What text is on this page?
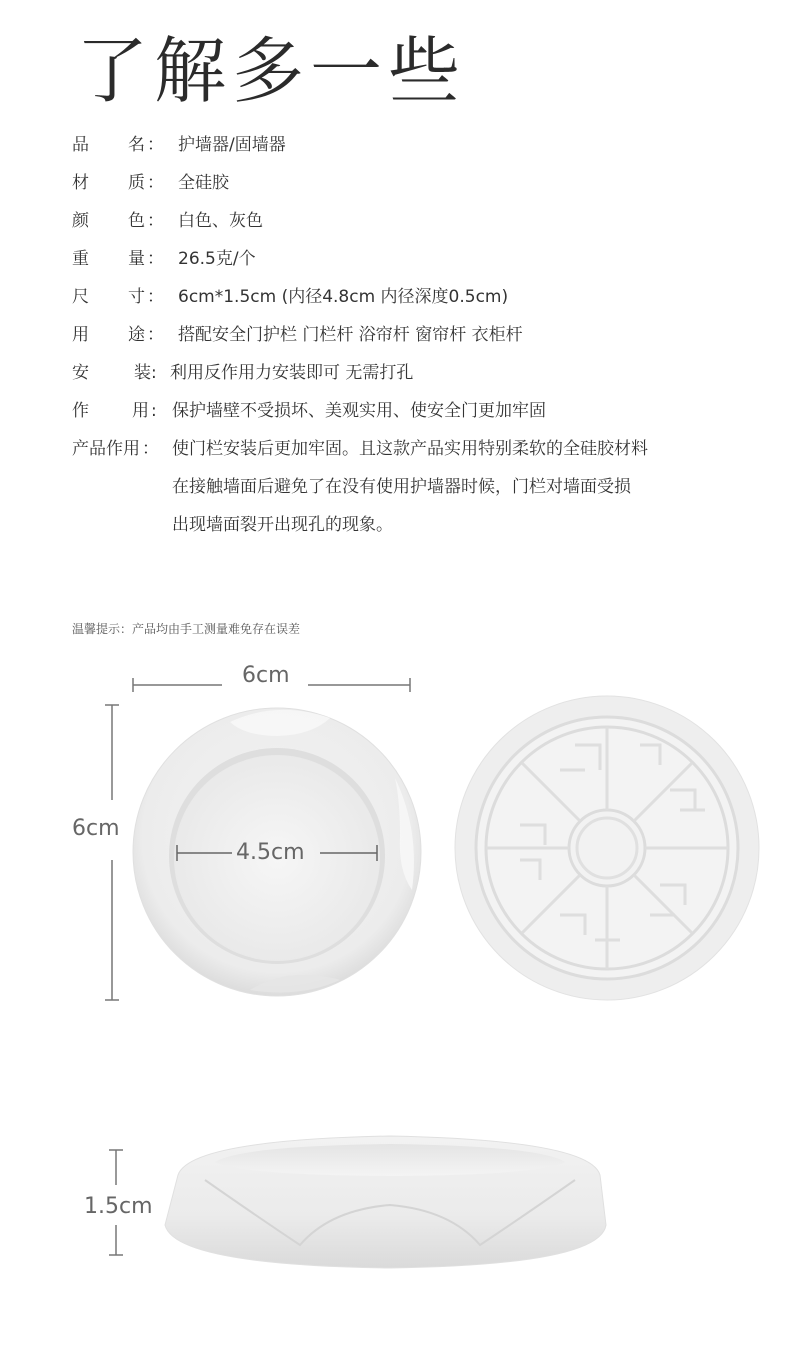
了解多一些
品	名 ： 护墙器/固墙器
材	质 ： 全硅胶
颜	色 ： 白色、灰色
重	量 ： 26.5克/个
尺	寸 ： 6cm*1.5cm (内径4.8cm 内径深度0.5cm)
用	途 ： 搭配安全门护栏 门栏杆 浴帘杆 窗帘杆 衣柜杆
安	装 : 利用反作用力安装即可 无需打孔
作	用 : 保护墙壁不受损坏、美观实用、使安全门更加牢固
产品作用 ： 使门栏安装后更加牢固。且这款产品实用特别柔软的全硅胶材料
在接触墙面后避免了在没有使用护墙器时候，门栏对墙面受损
出现墙面裂开出现孔的现象。
温馨提示：产品均由手工测量难免存在误差
6cm
6cm
4.5cm
1.5cm
